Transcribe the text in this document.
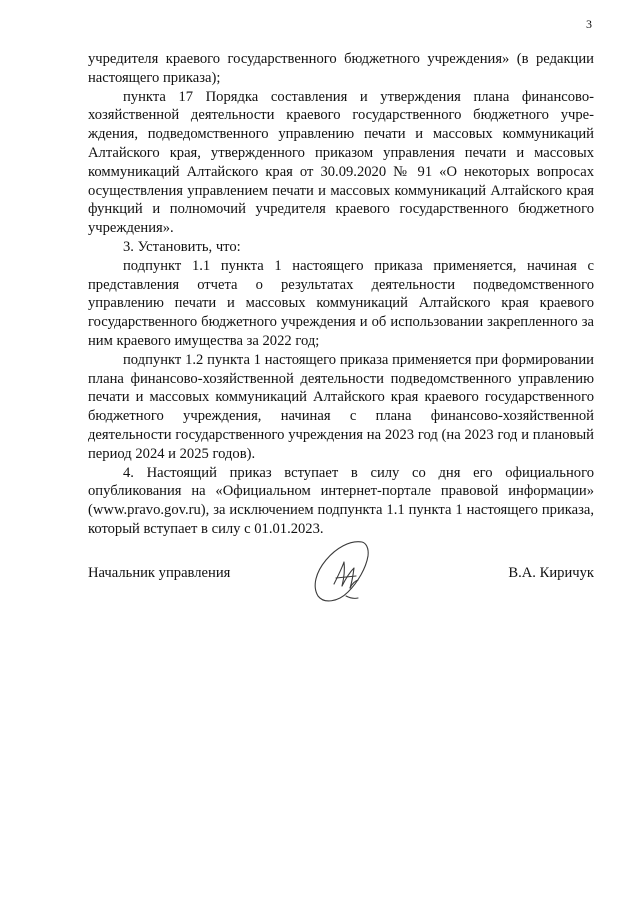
3

учредителя краевого государственного бюджетного учреждения» (в редакции настоящего приказа);

пункта 17 Порядка составления и утверждения плана финансово-хозяйственной деятельности краевого государственного бюджетного учреждения, подведомственного управлению печати и массовых коммуникаций Алтайского края, утвержденного приказом управления печати и массовых коммуникаций Алтайского края от 30.09.2020 № 91 «О некоторых вопросах осуществления управлением печати и массовых коммуникаций Алтайского края функций и полномочий учредителя краевого государственного бюджетного учреждения».

3. Установить, что:

подпункт 1.1 пункта 1 настоящего приказа применяется, начиная с представления отчета о результатах деятельности подведомственного управлению печати и массовых коммуникаций Алтайского края краевого государственного бюджетного учреждения и об использовании закрепленного за ним краевого имущества за 2022 год;

подпункт 1.2 пункта 1 настоящего приказа применяется при формировании плана финансово-хозяйственной деятельности подведомственного управлению печати и массовых коммуникаций Алтайского края краевого государственного бюджетного учреждения, начиная с плана финансово-хозяйственной деятельности государственного учреждения на 2023 год (на 2023 год и плановый период 2024 и 2025 годов).

4. Настоящий приказ вступает в силу со дня его официального опубликования на «Официальном интернет-портале правовой информации» (www.pravo.gov.ru), за исключением подпункта 1.1 пункта 1 настоящего приказа, который вступает в силу с 01.01.2023.

Начальник управления	В.А. Киричук
